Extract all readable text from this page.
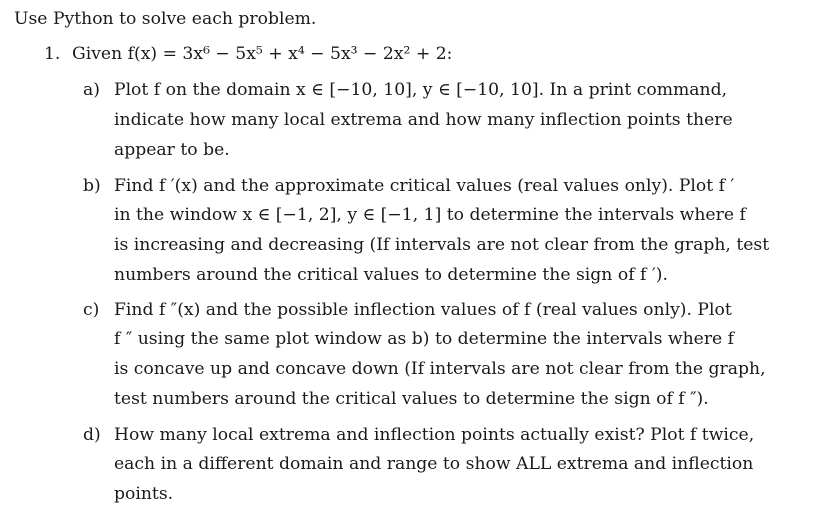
Use Python to solve each problem.
1. Given f(x) = 3x⁶ − 5x⁵ + x⁴ − 5x³ − 2x² + 2:
a) Plot f on the domain x ∈ [−10, 10], y ∈ [−10, 10]. In a print command,
indicate how many local extrema and how many inflection points there
appear to be.
b) Find f ′(x) and the approximate critical values (real values only). Plot f ′
in the window x ∈ [−1, 2], y ∈ [−1, 1] to determine the intervals where f
is increasing and decreasing (If intervals are not clear from the graph, test
numbers around the critical values to determine the sign of f ′).
c) Find f ″(x) and the possible inflection values of f (real values only). Plot
f ″ using the same plot window as b) to determine the intervals where f
is concave up and concave down (If intervals are not clear from the graph,
test numbers around the critical values to determine the sign of f ″).
d) How many local extrema and inflection points actually exist? Plot f twice,
each in a different domain and range to show ALL extrema and inflection
points.
